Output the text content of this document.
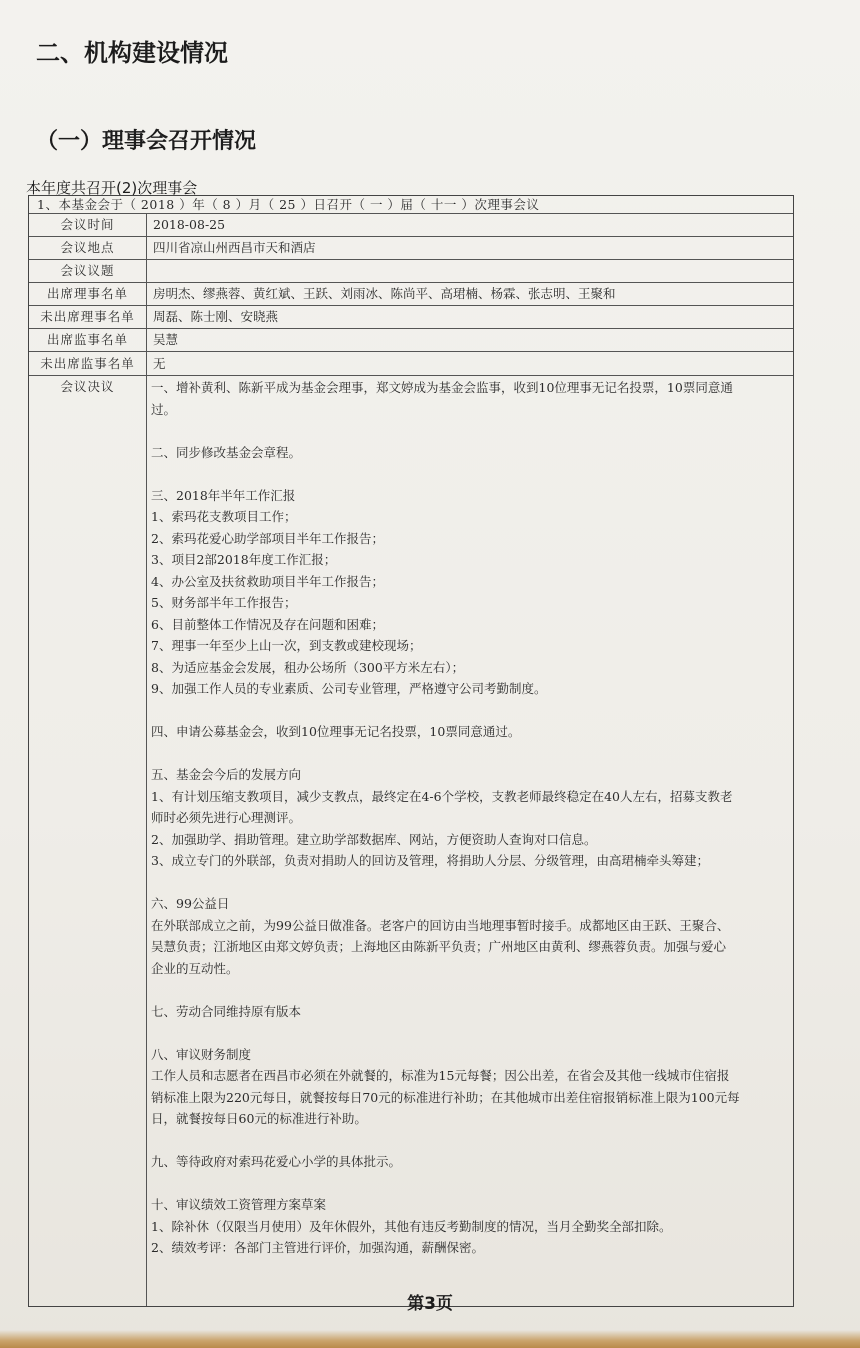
二、机构建设情况
（一）理事会召开情况
本年度共召开(2)次理事会
1、本基金会于（ 2018 ）年（ 8 ）月（ 25 ）日召开（ 一 ）届（ 十一 ）次理事会议
会议时间	2018-08-25
会议地点	四川省凉山州西昌市天和酒店
会议议题
出席理事名单	房明杰、缪燕蓉、黄红斌、王跃、刘雨冰、陈尚平、高珺楠、杨霖、张志明、王聚和
未出席理事名单	周磊、陈士刚、安晓燕
出席监事名单	吴慧
未出席监事名单	无
会议决议	一、增补黄利、陈新平成为基金会理事，郑文婷成为基金会监事，收到10位理事无记名投票，10票同意通
过。
二、同步修改基金会章程。
三、2018年半年工作汇报
1、索玛花支教项目工作；
2、索玛花爱心助学部项目半年工作报告；
3、项目2部2018年度工作汇报；
4、办公室及扶贫救助项目半年工作报告；
5、财务部半年工作报告；
6、目前整体工作情况及存在问题和困难；
7、理事一年至少上山一次，到支教或建校现场；
8、为适应基金会发展，租办公场所（300平方米左右）；
9、加强工作人员的专业素质、公司专业管理，严格遵守公司考勤制度。
四、申请公募基金会，收到10位理事无记名投票，10票同意通过。
五、基金会今后的发展方向
1、有计划压缩支教项目，减少支教点，最终定在4-6个学校，支教老师最终稳定在40人左右，招募支教老
师时必须先进行心理测评。
2、加强助学、捐助管理。建立助学部数据库、网站，方便资助人查询对口信息。
3、成立专门的外联部，负责对捐助人的回访及管理，将捐助人分层、分级管理，由高珺楠牵头筹建；
六、99公益日
在外联部成立之前，为99公益日做准备。老客户的回访由当地理事暂时接手。成都地区由王跃、王聚合、
吴慧负责；江浙地区由郑文婷负责；上海地区由陈新平负责；广州地区由黄利、缪燕蓉负责。加强与爱心
企业的互动性。
七、劳动合同维持原有版本
八、审议财务制度
工作人员和志愿者在西昌市必须在外就餐的，标准为15元每餐；因公出差，在省会及其他一线城市住宿报
销标准上限为220元每日，就餐按每日70元的标准进行补助；在其他城市出差住宿报销标准上限为100元每
日，就餐按每日60元的标准进行补助。
九、等待政府对索玛花爱心小学的具体批示。
十、审议绩效工资管理方案草案
1、除补休（仅限当月使用）及年休假外，其他有违反考勤制度的情况，当月全勤奖全部扣除。
2、绩效考评：各部门主管进行评价，加强沟通，薪酬保密。
第3页
